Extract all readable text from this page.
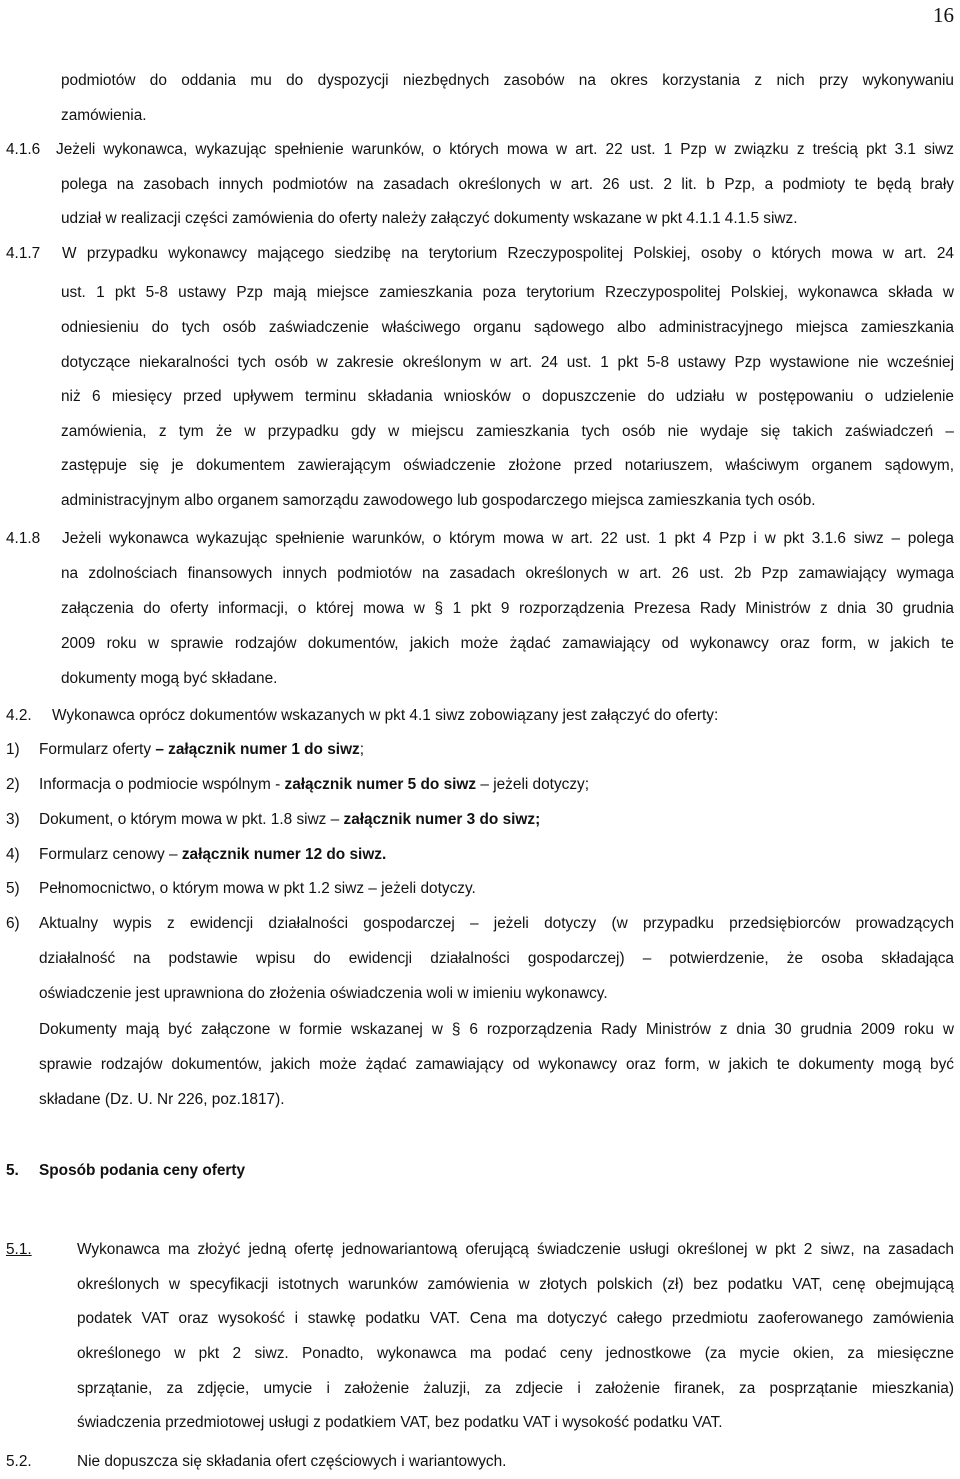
16
podmiotów do oddania mu do dyspozycji niezbędnych zasobów na okres korzystania z nich przy wykonywaniu
zamówienia.
4.1.6 Jeżeli wykonawca, wykazując spełnienie warunków, o których mowa w art. 22 ust. 1 Pzp w związku z treścią pkt 3.1 siwz
polega na zasobach innych podmiotów na zasadach określonych w art. 26 ust. 2 lit. b Pzp, a podmioty te będą brały
udział w realizacji części zamówienia do oferty należy załączyć dokumenty wskazane w pkt 4.1.1 4.1.5 siwz.
4.1.7 W przypadku wykonawcy mającego siedzibę na terytorium Rzeczypospolitej Polskiej, osoby o których mowa w art. 24
ust. 1 pkt 5-8 ustawy Pzp mają miejsce zamieszkania poza terytorium Rzeczypospolitej Polskiej, wykonawca składa w
odniesieniu do tych osób zaświadczenie właściwego organu sądowego albo administracyjnego miejsca zamieszkania
dotyczące niekaralności tych osób w zakresie określonym w art. 24 ust. 1 pkt 5-8 ustawy Pzp wystawione nie wcześniej
niż 6 miesięcy przed upływem terminu składania wniosków o dopuszczenie do udziału w postępowaniu o udzielenie
zamówienia, z tym że w przypadku gdy w miejscu zamieszkania tych osób nie wydaje się takich zaświadczeń –
zastępuje się je dokumentem zawierającym oświadczenie złożone przed notariuszem, właściwym organem sądowym,
administracyjnym albo organem samorządu zawodowego lub gospodarczego miejsca zamieszkania tych osób.
4.1.8 Jeżeli wykonawca wykazując spełnienie warunków, o którym mowa w art. 22 ust. 1 pkt 4 Pzp i w pkt 3.1.6 siwz – polega
na zdolnościach finansowych innych podmiotów na zasadach określonych w art. 26 ust. 2b Pzp zamawiający wymaga
załączenia do oferty informacji, o której mowa w § 1 pkt 9 rozporządzenia Prezesa Rady Ministrów z dnia 30 grudnia
2009 roku w sprawie rodzajów dokumentów, jakich może żądać zamawiający od wykonawcy oraz form, w jakich te
dokumenty mogą być składane.
4.2. Wykonawca oprócz dokumentów wskazanych w pkt 4.1 siwz zobowiązany jest załączyć do oferty:
1) Formularz oferty – załącznik numer 1 do siwz;
2) Informacja o podmiocie wspólnym - załącznik numer 5 do siwz – jeżeli dotyczy;
3) Dokument, o którym mowa w pkt. 1.8 siwz – załącznik numer 3 do siwz;
4) Formularz cenowy – załącznik numer 12 do siwz.
5) Pełnomocnictwo, o którym mowa w pkt 1.2 siwz – jeżeli dotyczy.
6) Aktualny wypis z ewidencji działalności gospodarczej – jeżeli dotyczy (w przypadku przedsiębiorców prowadzących
działalność na podstawie wpisu do ewidencji działalności gospodarczej) – potwierdzenie, że osoba składająca
oświadczenie jest uprawniona do złożenia oświadczenia woli w imieniu wykonawcy.
Dokumenty mają być załączone w formie wskazanej w § 6 rozporządzenia Rady Ministrów z dnia 30 grudnia 2009 roku w
sprawie rodzajów dokumentów, jakich może żądać zamawiający od wykonawcy oraz form, w jakich te dokumenty mogą być
składane (Dz. U. Nr 226, poz.1817).
5. Sposób podania ceny oferty
5.1.	Wykonawca ma złożyć jedną ofertę jednowariantową oferującą świadczenie usługi określonej w pkt 2 siwz, na zasadach
określonych w specyfikacji istotnych warunków zamówienia w złotych polskich (zł) bez podatku VAT, cenę obejmującą
podatek VAT oraz wysokość i stawkę podatku VAT. Cena ma dotyczyć całego przedmiotu zaoferowanego zamówienia
określonego w pkt 2 siwz. Ponadto, wykonawca ma podać ceny jednostkowe (za mycie okien, za miesięczne
sprzątanie, za zdjęcie, umycie i założenie żaluzji, za zdjecie i założenie firanek, za posprzątanie mieszkania)
świadczenia przedmiotowej usługi z podatkiem VAT, bez podatku VAT i wysokość podatku VAT.
5.2.	Nie dopuszcza się składania ofert częściowych i wariantowych.
